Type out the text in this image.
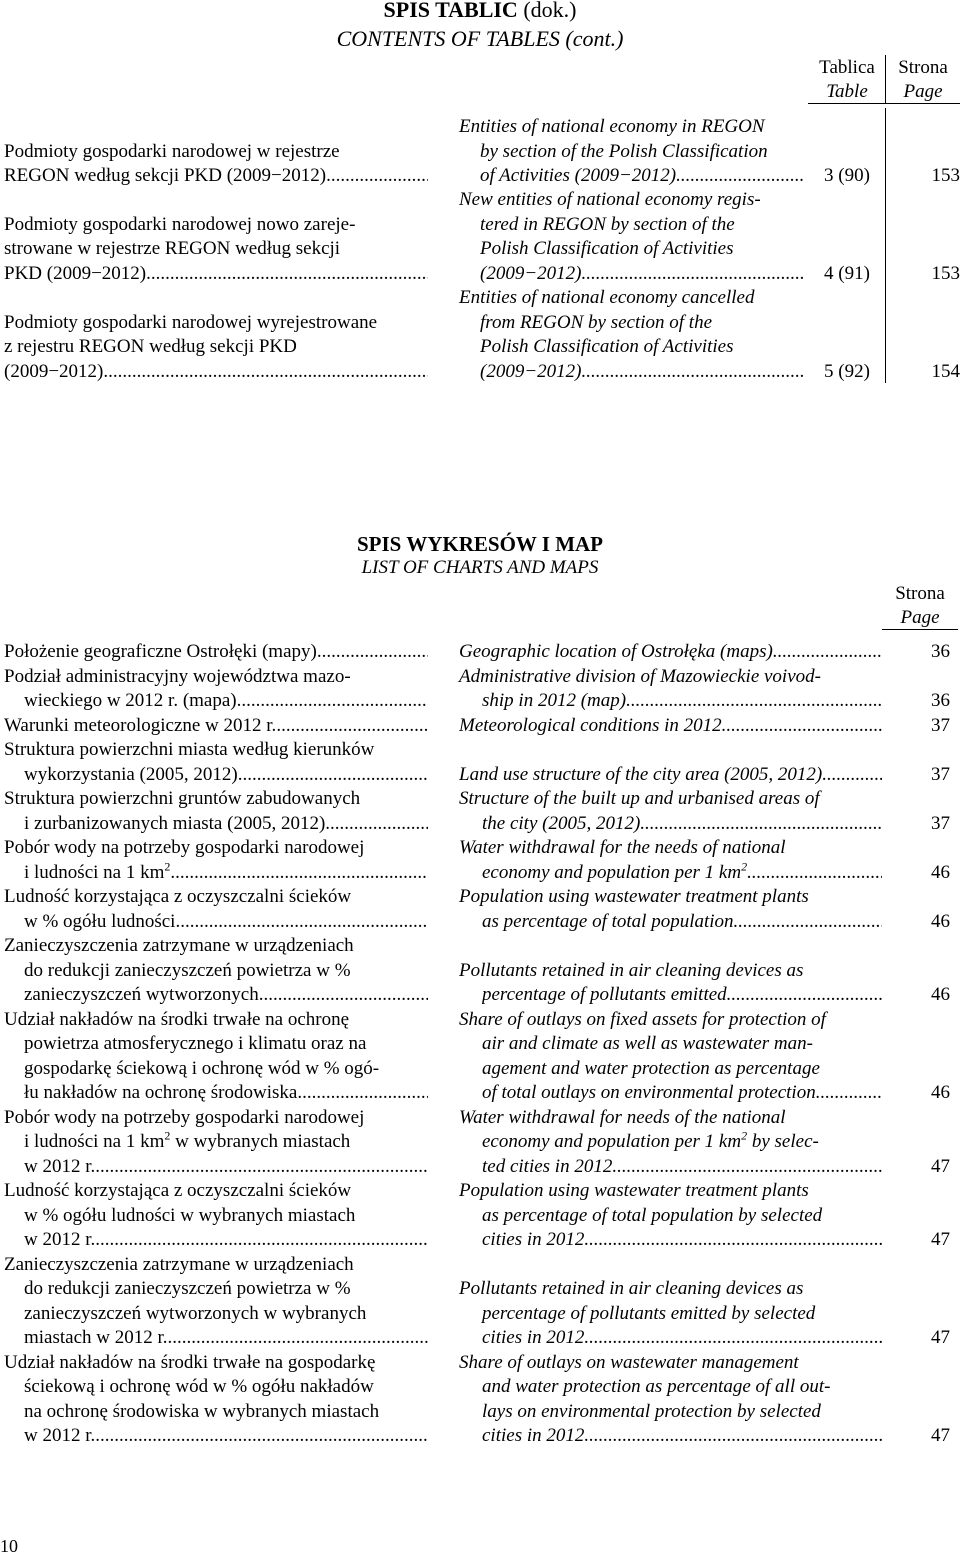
SPIS TABLIC (dok.)
CONTENTS OF TABLES (cont.)
Tablica
Table
Strona
Page
Podmioty gospodarki narodowej w rejestrze
REGON według sekcji PKD (2009−2012)
.....
Entities of national economy in REGON
by section of the Polish Classification
of Activities (2009−2012) .....	3 (90)	153
Podmioty gospodarki narodowej nowo zareje-
strowane w rejestrze REGON według sekcji
PKD (2009−2012)
.....
New entities of national economy regis-
tered in REGON by section of the
Polish Classification of Activities
(2009−2012) .....	4 (91)	153
Podmioty gospodarki narodowej wyrejestrowane
z rejestru REGON według sekcji PKD
(2009−2012)
.....
Entities of national economy cancelled
from REGON by section of the
Polish Classification of Activities
(2009−2012) .....	5 (92)	154
SPIS WYKRESÓW I MAP
LIST OF CHARTS AND MAPS
Strona
Page
Położenie geograficzne Ostrołęki (mapy) .....	Geographic location of Ostrołęka (maps) .....	36
Podział administracyjny województwa mazo-
wieckiego w 2012 r. (mapa)
.....
Administrative division of Mazowieckie voivod-
ship in 2012 (map) .....	36
Warunki meteorologiczne w 2012 r. .....	Meteorological conditions in 2012 .....	37
Struktura powierzchni miasta według kierunków
wykorzystania (2005, 2012) .....	Land use structure of the city area (2005, 2012) .....	37
Struktura powierzchni gruntów zabudowanych
i zurbanizowanych miasta (2005, 2012)
.....
Structure of the built up and urbanised areas of
the city (2005, 2012) .....	37
Pobór wody na potrzeby gospodarki narodowej
i ludności na 1 $km^2$
.....
Water withdrawal for the needs of national
economy and population per 1 $km^2$ .....	46
Ludność korzystająca z oczyszczalni ścieków
w % ogółu ludności
.....
Population using wastewater treatment plants
as percentage of total population .....	46
Zanieczyszczenia zatrzymane w urządzeniach
do redukcji zanieczyszczeń powietrza w %
zanieczyszczeń wytworzonych
.....
Pollutants retained in air cleaning devices as
percentage of pollutants emitted .....	46
Udział nakładów na środki trwałe na ochronę
powietrza atmosferycznego i klimatu oraz na
gospodarkę ściekową i ochronę wód w % ogó-
łu nakładów na ochronę środowiska
.....
Share of outlays on fixed assets for protection of
air and climate as well as wastewater man-
agement and water protection as percentage
of total outlays on environmental protection .....	46
Pobór wody na potrzeby gospodarki narodowej
i ludności na 1 $km^2$ w wybranych miastach
w 2012 r.
.....
Water withdrawal for needs of the national
economy and population per 1 $km^2$ by selec-
ted cities in 2012 .....	47
Ludność korzystająca z oczyszczalni ścieków
w % ogółu ludności w wybranych miastach
w 2012 r.
.....
Population using wastewater treatment plants
as percentage of total population by selected
cities in 2012 .....	47
Zanieczyszczenia zatrzymane w urządzeniach
do redukcji zanieczyszczeń powietrza w %
zanieczyszczeń wytworzonych w wybranych
miastach w 2012 r.
.....
Pollutants retained in air cleaning devices as
percentage of pollutants emitted by selected
cities in 2012 .....	47
Udział nakładów na środki trwałe na gospodarkę
ściekową i ochronę wód w % ogółu nakładów
na ochronę środowiska w wybranych miastach
w 2012 r.
.....
Share of outlays on wastewater management
and water protection as percentage of all out-
lays on environmental protection by selected
cities in 2012 .....	47
10
